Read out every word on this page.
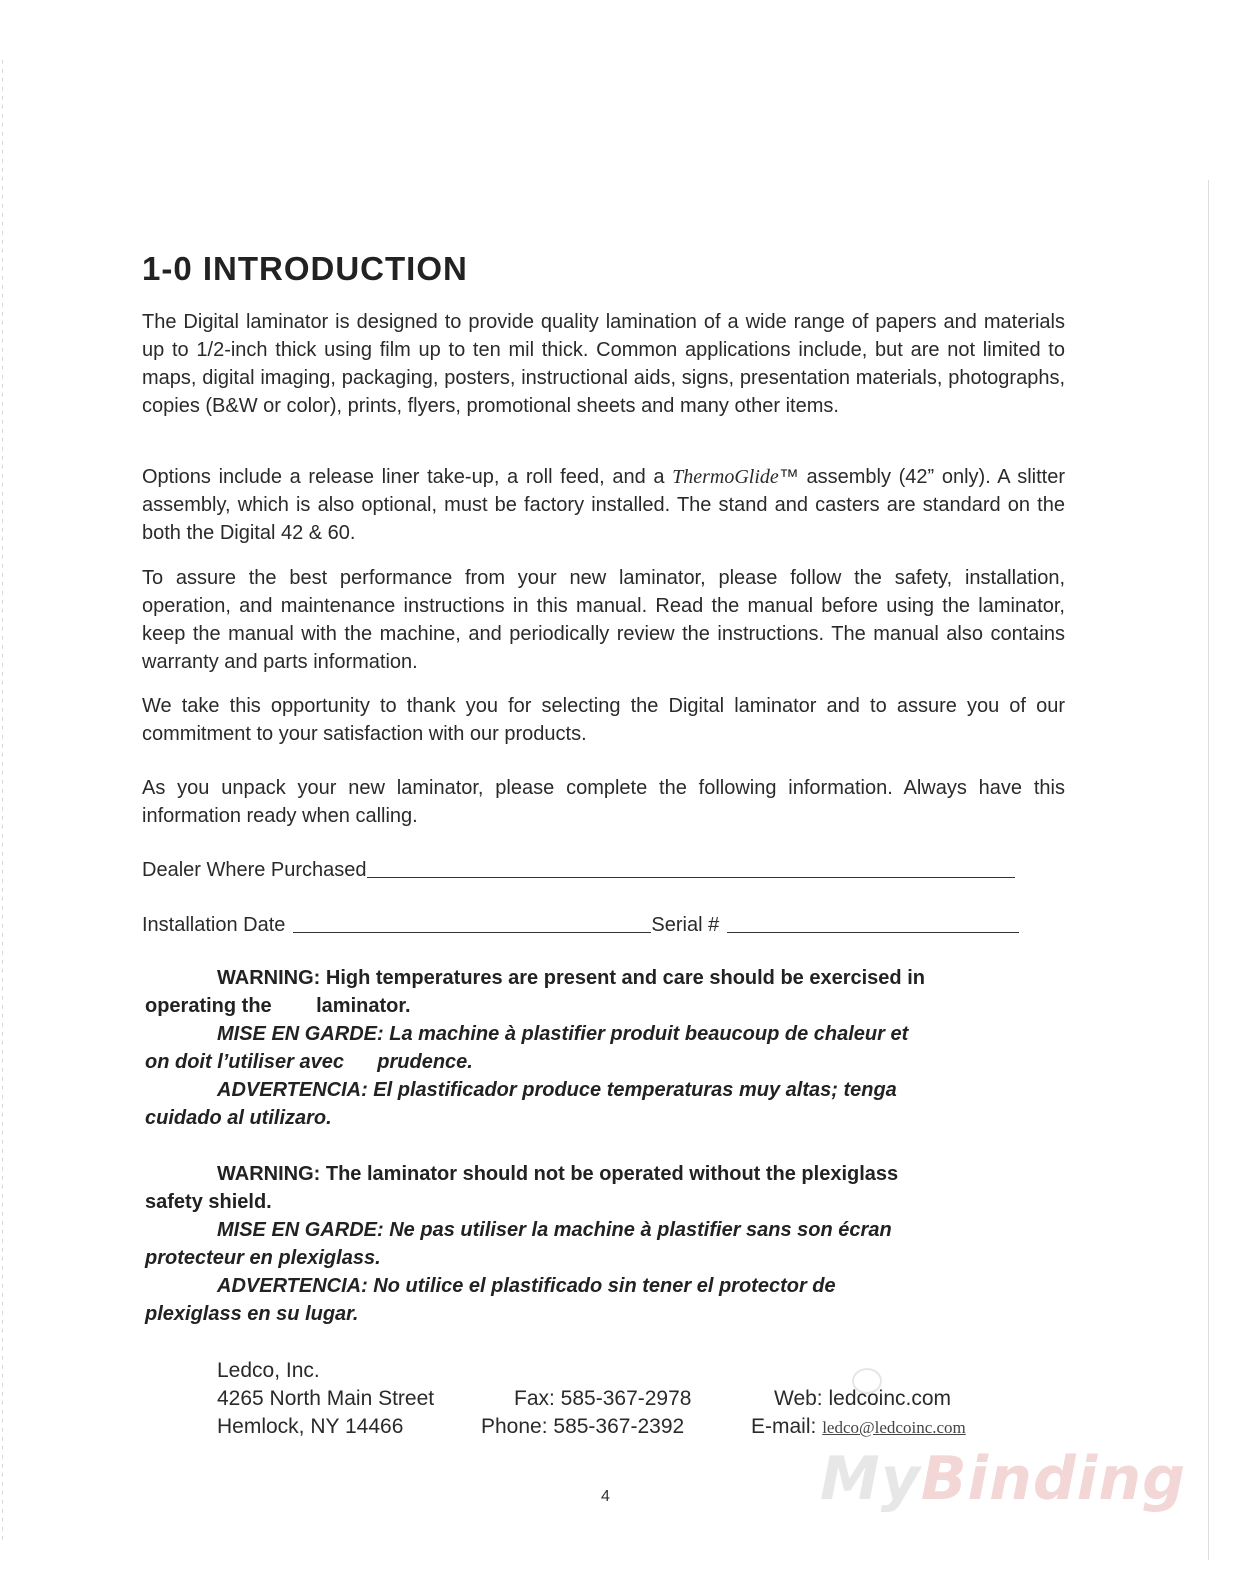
1-0 INTRODUCTION

The Digital laminator is designed to provide quality lamination of a wide range of papers and materials up to 1/2-inch thick using film up to ten mil thick. Common applications include, but are not limited to maps, digital imaging, packaging, posters, instructional aids, signs, presentation materials, photographs, copies (B&W or color), prints, flyers, promotional sheets and many other items.

Options include a release liner take-up, a roll feed, and a ThermoGlide™ assembly (42” only). A slitter assembly, which is also optional, must be factory installed. The stand and casters are standard on the both the Digital 42 & 60.

To assure the best performance from your new laminator, please follow the safety, installation, operation, and maintenance instructions in this manual. Read the manual before using the laminator, keep the manual with the machine, and periodically review the instructions. The manual also contains warranty and parts information.

We take this opportunity to thank you for selecting the Digital laminator and to assure you of our commitment to your satisfaction with our products.

As you unpack your new laminator, please complete the following information. Always have this information ready when calling.

Dealer Where Purchased
Installation Date	Serial #
WARNING: High temperatures are present and care should be exercised in
operating the        laminator.
MISE EN GARDE: La machine à plastifier produit beaucoup de chaleur et
on doit l’utiliser avec      prudence.
ADVERTENCIA: El plastificador produce temperaturas muy altas; tenga
cuidado al utilizaro.
WARNING: The laminator should not be operated without the plexiglass
safety shield.
MISE EN GARDE: Ne pas utiliser la machine à plastifier sans son écran
protecteur en plexiglass.
ADVERTENCIA: No utilice el plastificado sin tener el protector de
plexiglass en su lugar.
MyBinding
Ledco, Inc.
4265 North Main Street
Hemlock, NY 14466
Fax: 585-367-2978
Phone: 585-367-2392
Web: ledcoinc.com
E-mail: ledco@ledcoinc.com
4
